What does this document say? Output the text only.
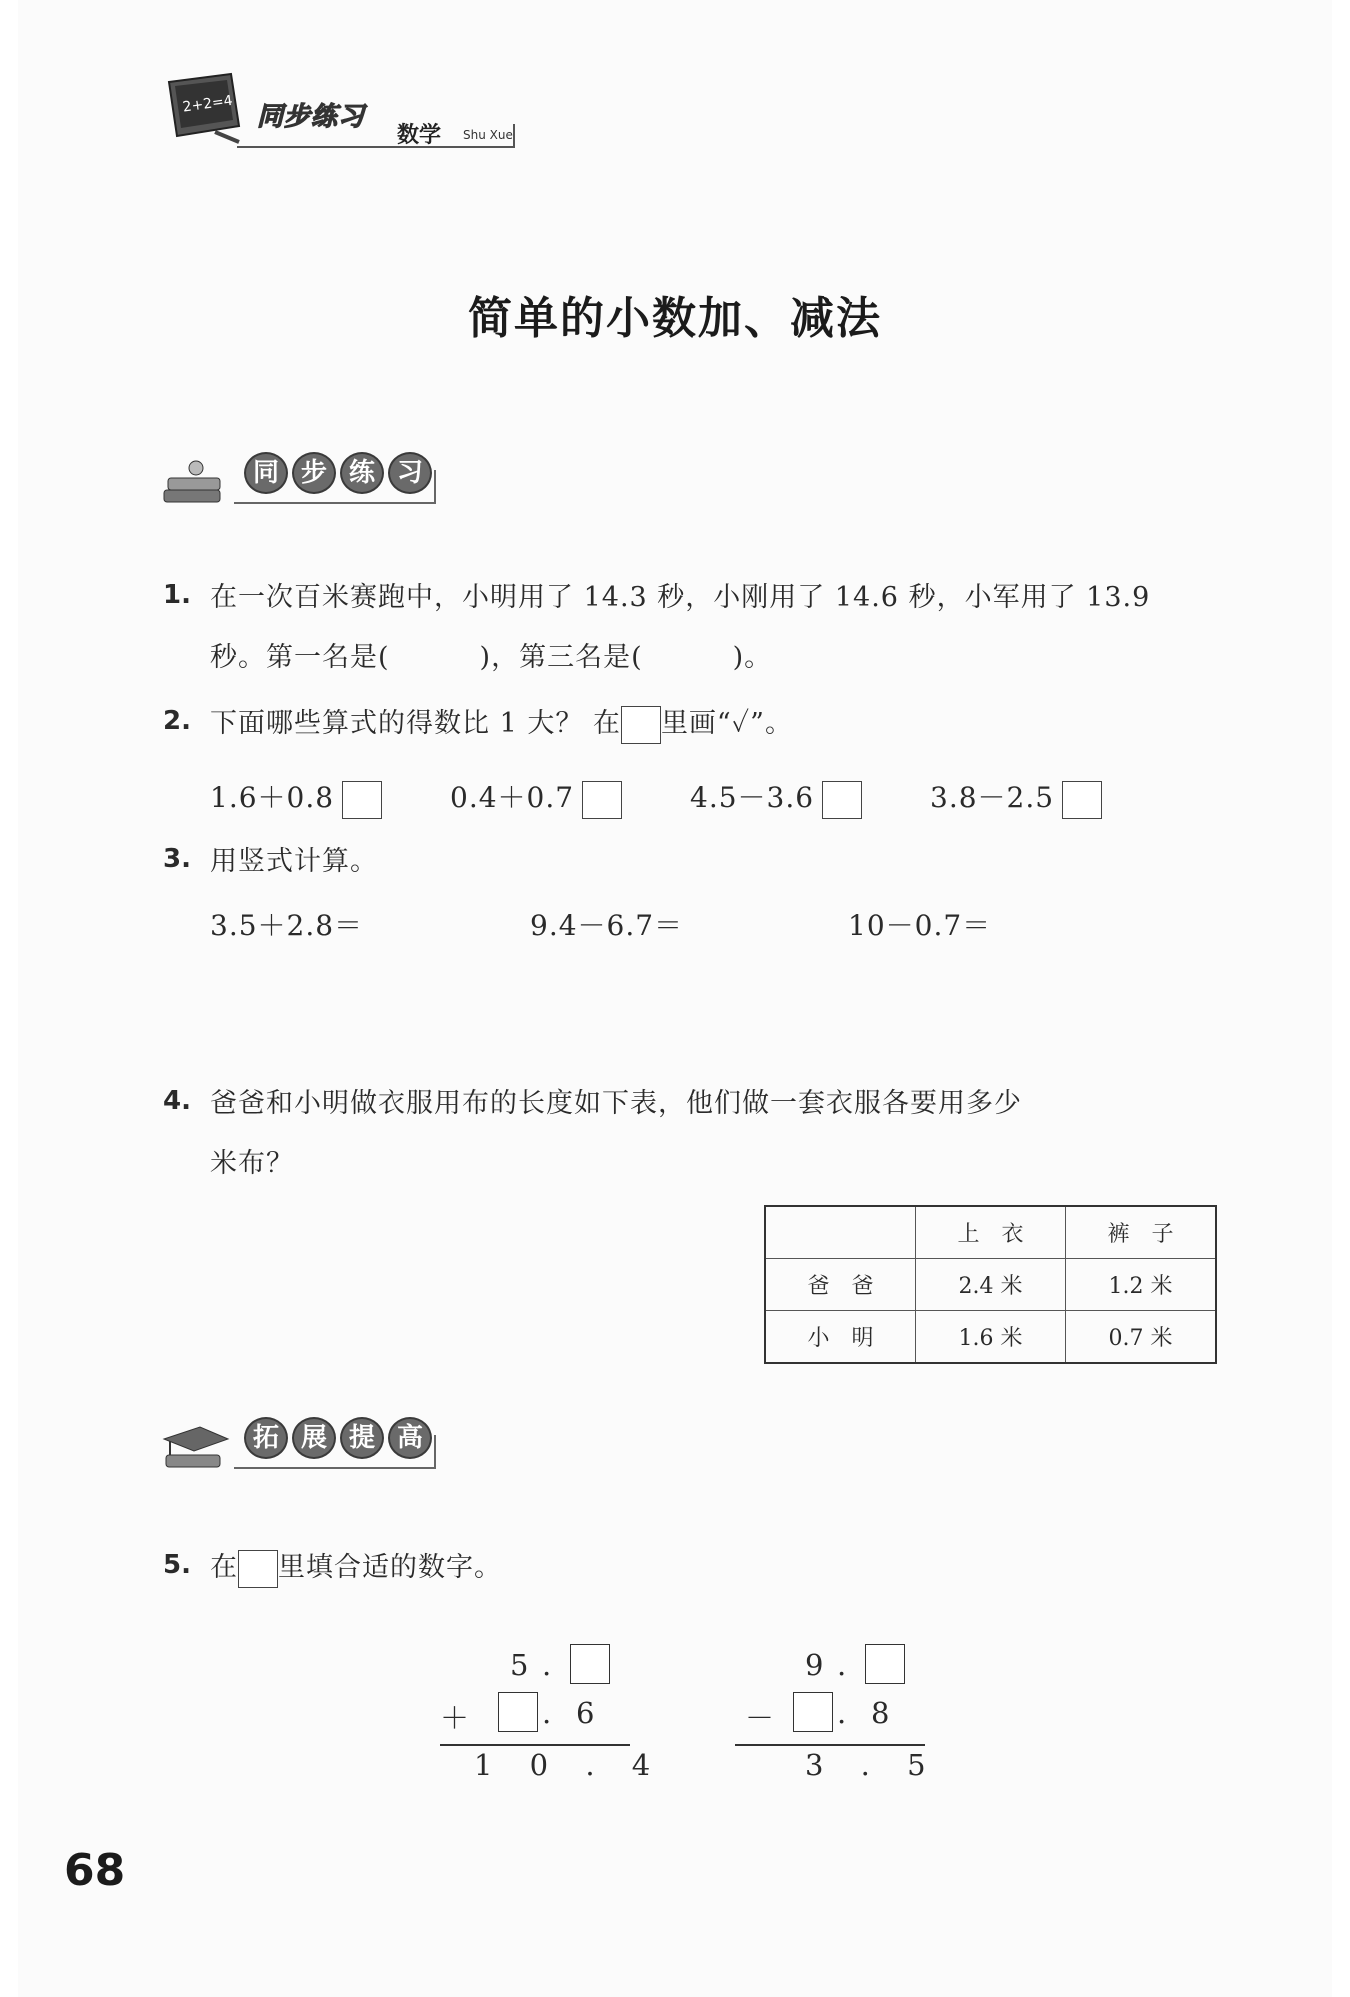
2+2=4 同步练习
数学 Shu Xue
简单的小数加、减法
同 步 练 习
1. 在一次百米赛跑中，小明用了 14.3 秒，小刚用了 14.6 秒，小军用了 13.9
秒。第一名是(	)，第三名是(	)。
2. 下面哪些算式的得数比 1 大？ 在 里画“✓”。
1.6＋0.8	0.4＋0.7	4.5－3.6	3.8－2.5
3. 用竖式计算。
3.5＋2.8＝	9.4－6.7＝	10－0.7＝
4. 爸爸和小明做衣服用布的长度如下表，他们做一套衣服各要用多少
米布？
	上　衣	裤　子
爸　爸	2.4 米	1.2 米
小　明	1.6 米	0.7 米
拓 展 提 高
5. 在 里填合适的数字。
5 .
＋ . 6
1 0 . 4
9 .
－ . 8
3 . 5
68
